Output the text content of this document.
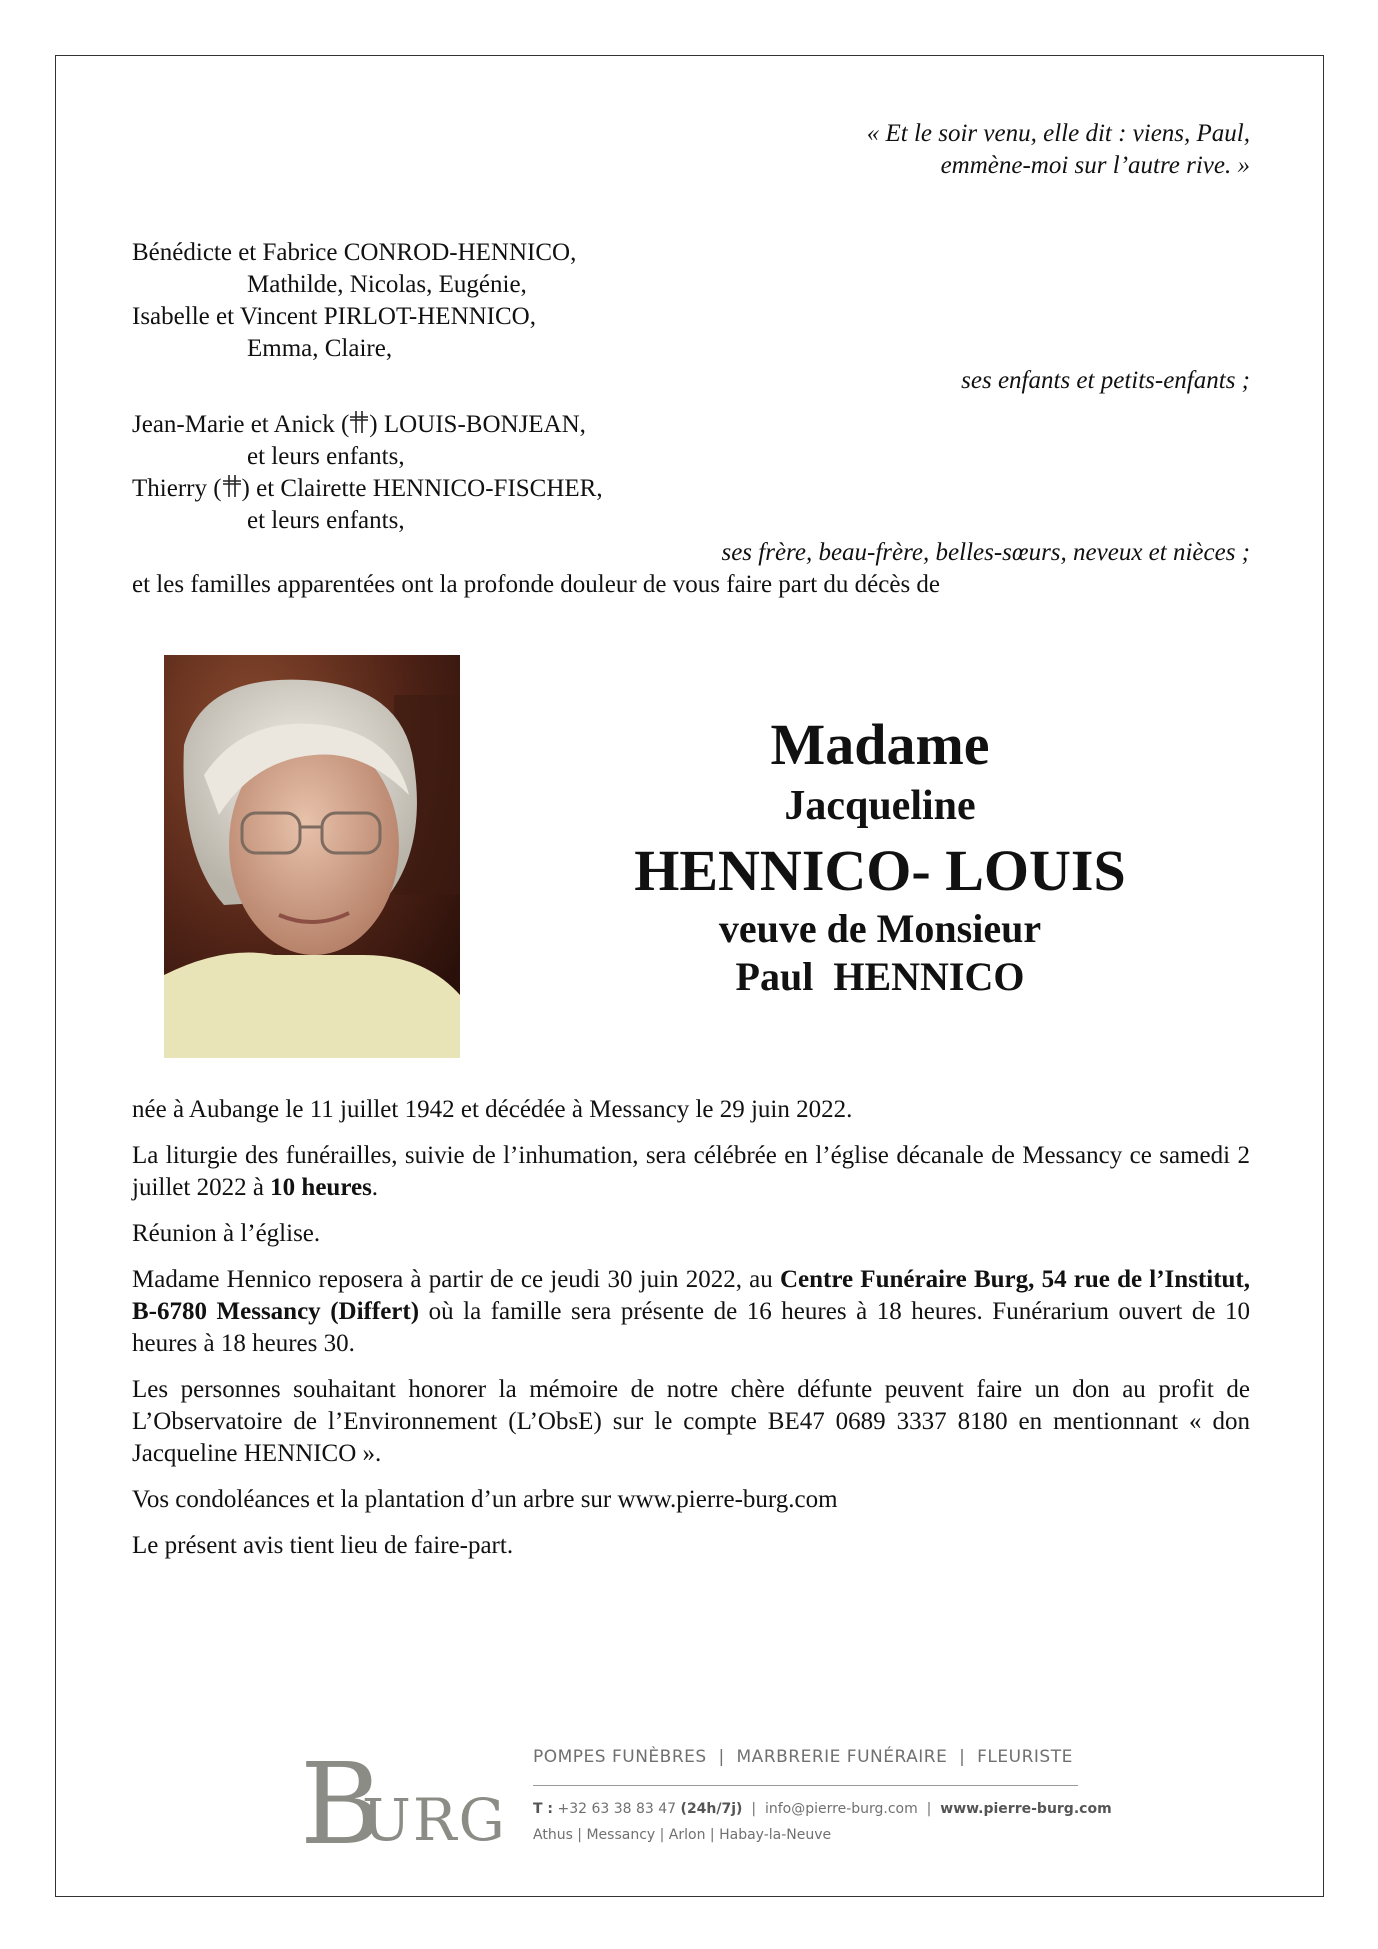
« Et le soir venu, elle dit : viens, Paul,
emmène-moi sur l’autre rive. »
Bénédicte et Fabrice CONROD-HENNICO,
Mathilde, Nicolas, Eugénie,
Isabelle et Vincent PIRLOT-HENNICO,
Emma, Claire,
ses enfants et petits-enfants ;
Jean-Marie et Anick ( ) LOUIS-BONJEAN,
et leurs enfants,
Thierry ( ) et Clairette HENNICO-FISCHER,
et leurs enfants,
ses frère, beau-frère, belles-sœurs, neveux et nièces ;
et les familles apparentées ont la profonde douleur de vous faire part du décès de
Madame
Jacqueline
HENNICO- LOUIS
veuve de Monsieur
Paul  HENNICO

née à Aubange le 11 juillet 1942 et décédée à Messancy le 29 juin 2022.

La liturgie des funérailles, suivie de l’inhumation, sera célébrée en l’église décanale de Messancy ce samedi 2 juillet 2022 à 10 heures.

Réunion à l’église.

Madame Hennico reposera à partir de ce jeudi 30 juin 2022, au Centre Funéraire Burg, 54 rue de l’Institut, B-6780 Messancy (Differt) où la famille sera présente de 16 heures à 18 heures. Funérarium ouvert de 10 heures à 18 heures 30.

Les personnes souhaitant honorer la mémoire de notre chère défunte peuvent faire un don au profit de L’Observatoire de l’Environnement (L’ObsE) sur le compte BE47 0689 3337 8180 en mentionnant « don Jacqueline HENNICO ».

Vos condoléances et la plantation d’un arbre sur www.pierre-burg.com

Le présent avis tient lieu de faire-part.

B
URG
POMPES FUNÈBRES  |  MARBRERIE FUNÉRAIRE  |  FLEURISTE
T : +32 63 38 83 47 (24h/7j)  |  info@pierre-burg.com  |  www.pierre-burg.com
Athus | Messancy | Arlon | Habay-la-Neuve
